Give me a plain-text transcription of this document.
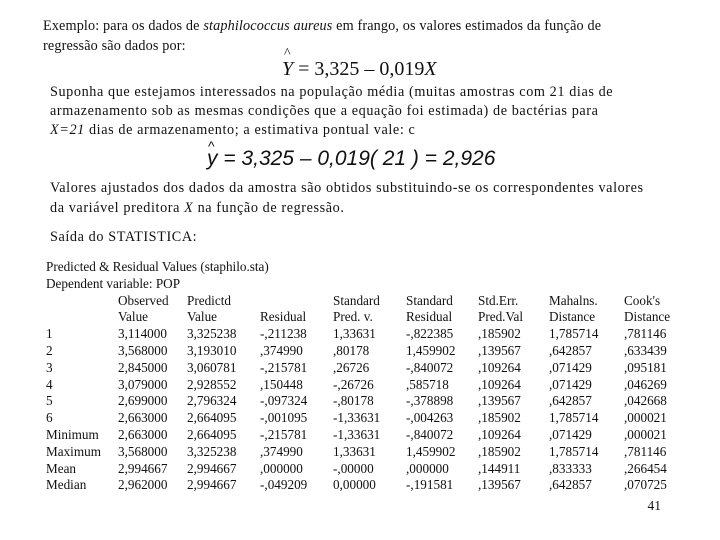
Exemplo: para os dados de staphilococcus aureus em frango, os valores estimados da função de
regressão são dados por:
^ Y = 3,325 – 0,019X
Suponha que estejamos interessados na população média (muitas amostras com 21 dias de
armazenamento sob as mesmas condições que a equação foi estimada) de bactérias para
X=21 dias de armazenamento; a estimativa pontual vale: c
^ y = 3,325 – 0,019( 21 ) = 2,926
Valores ajustados dos dados da amostra são obtidos substituindo-se os correspondentes valores
da variável preditora X na função de regressão.
Saída do STATISTICA:
Predicted & Residual Values (staphilo.sta)
Dependent variable: POP
Observed Predictd	Standard Standard Std.Err. Mahalns. Cook's
Value	Value	Residual Pred. v.	Residual Pred.Val Distance Distance
1	3,114000 3,325238 -,211238 1,33631 -,822385 ,185902 1,785714 ,781146
2	3,568000 3,193010 ,374990 ,80178	1,459902 ,139567 ,642857 ,633439
3	2,845000 3,060781 -,215781 ,26726	-,840072 ,109264 ,071429 ,095181
4	3,079000 2,928552 ,150448 -,26726 ,585718 ,109264 ,071429 ,046269
5	2,699000 2,796324 -,097324 -,80178 -,378898 ,139567 ,642857 ,042668
6	2,663000 2,664095 -,001095 -1,33631 -,004263 ,185902 1,785714 ,000021
Minimum 2,663000 2,664095 -,215781 -1,33631 -,840072 ,109264 ,071429 ,000021
Maximum 3,568000 3,325238 ,374990 1,33631 1,459902 ,185902 1,785714 ,781146
Mean	2,994667 2,994667 ,000000 -,00000 ,000000 ,144911 ,833333 ,266454
Median 2,962000 2,994667 -,049209 0,00000 -,191581 ,139567 ,642857 ,070725
41
